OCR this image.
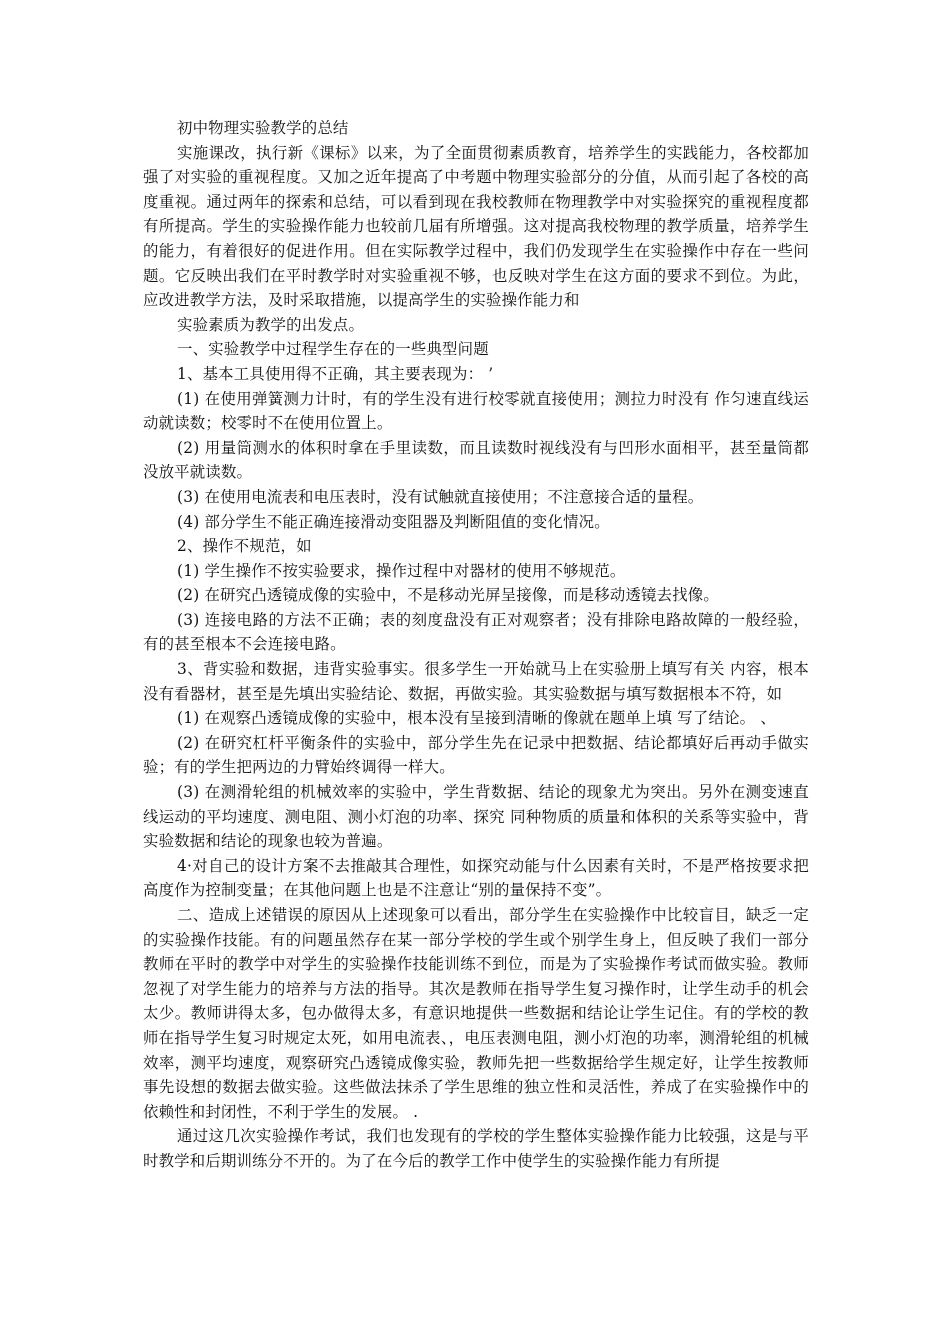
初中物理实验教学的总结

实施课改，执行新《课标》以来，为了全面贯彻素质教育，培养学生的实践能力，各校都加强了对实验的重视程度。又加之近年提高了中考题中物理实验部分的分值，从而引起了各校的高度重视。通过两年的探索和总结，可以看到现在我校教师在物理教学中对实验探究的重视程度都有所提高。学生的实验操作能力也较前几届有所增强。这对提高我校物理的教学质量，培养学生的能力，有着很好的促进作用。但在实际教学过程中，我们仍发现学生在实验操作中存在一些问题。它反映出我们在平时教学时对实验重视不够，也反映对学生在这方面的要求不到位。为此，应改进教学方法，及时采取措施，以提高学生的实验操作能力和

实验素质为教学的出发点。

一、实验教学中过程学生存在的一些典型问题

1、基本工具使用得不正确，其主要表现为： ’

(1) 在使用弹簧测力计时，有的学生没有进行校零就直接使用；测拉力时没有 作匀速直线运动就读数；校零时不在使用位置上。

(2) 用量筒测水的体积时拿在手里读数，而且读数时视线没有与凹形水面相平，甚至量筒都没放平就读数。

(3) 在使用电流表和电压表时，没有试触就直接使用；不注意接合适的量程。

(4) 部分学生不能正确连接滑动变阻器及判断阻值的变化情况。

2、操作不规范，如

(1) 学生操作不按实验要求，操作过程中对器材的使用不够规范。

(2) 在研究凸透镜成像的实验中，不是移动光屏呈接像，而是移动透镜去找像。

(3) 连接电路的方法不正确；表的刻度盘没有正对观察者；没有排除电路故障的一般经验，有的甚至根本不会连接电路。

3、背实验和数据，违背实验事实。很多学生一开始就马上在实验册上填写有关 内容，根本没有看器材，甚至是先填出实验结论、数据，再做实验。其实验数据与填写数据根本不符，如

(1) 在观察凸透镜成像的实验中，根本没有呈接到清晰的像就在题单上填 写了结论。 、

(2) 在研究杠杆平衡条件的实验中，部分学生先在记录中把数据、结论都填好后再动手做实验；有的学生把两边的力臂始终调得一样大。

(3) 在测滑轮组的机械效率的实验中，学生背数据、结论的现象尤为突出。另外在测变速直线运动的平均速度、测电阻、测小灯泡的功率、探究 同种物质的质量和体积的关系等实验中，背实验数据和结论的现象也较为普遍。

4·对自己的设计方案不去推敲其合理性，如探究动能与什么因素有关时，不是严格按要求把高度作为控制变量；在其他问题上也是不注意让“别的量保持不变”。

二、造成上述错误的原因从上述现象可以看出，部分学生在实验操作中比较盲目，缺乏一定的实验操作技能。有的问题虽然存在某一部分学校的学生或个别学生身上，但反映了我们一部分教师在平时的教学中对学生的实验操作技能训练不到位，而是为了实验操作考试而做实验。教师忽视了对学生能力的培养与方法的指导。其次是教师在指导学生复习操作时，让学生动手的机会太少。教师讲得太多，包办做得太多，有意识地提供一些数据和结论让学生记住。有的学校的教师在指导学生复习时规定太死，如用电流表、，电压表测电阻，测小灯泡的功率，测滑轮组的机械效率，测平均速度，观察研究凸透镜成像实验，教师先把一些数据给学生规定好，让学生按教师事先设想的数据去做实验。这些做法抹杀了学生思维的独立性和灵活性，养成了在实验操作中的依赖性和封闭性，不利于学生的发展。 .

通过这几次实验操作考试，我们也发现有的学校的学生整体实验操作能力比较强，这是与平时教学和后期训练分不开的。为了在今后的教学工作中使学生的实验操作能力有所提
